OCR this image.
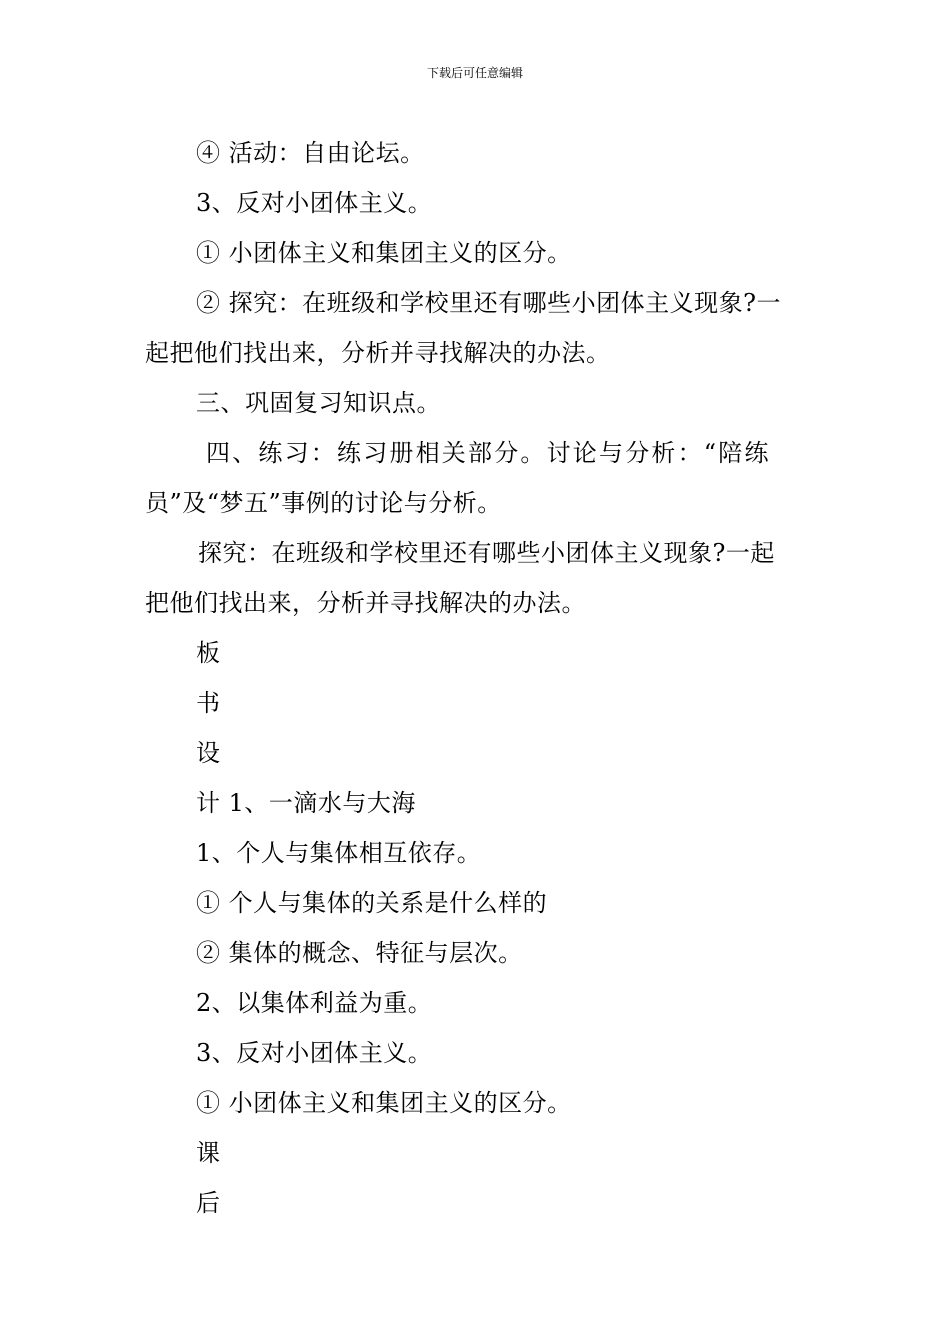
下载后可任意编辑
④ 活动：自由论坛。
3、反对小团体主义。
① 小团体主义和集团主义的区分。
② 探究：在班级和学校里还有哪些小团体主义现象?一
起把他们找出来，分析并寻找解决的办法。
三、巩固复习知识点。
四、练习：练习册相关部分。讨论与分析：“陪练
员”及“梦五”事例的讨论与分析。
探究：在班级和学校里还有哪些小团体主义现象?一起
把他们找出来，分析并寻找解决的办法。
板
书
设
计 1、一滴水与大海
1、个人与集体相互依存。
① 个人与集体的关系是什么样的
② 集体的概念、特征与层次。
2、以集体利益为重。
3、反对小团体主义。
① 小团体主义和集团主义的区分。
课
后
